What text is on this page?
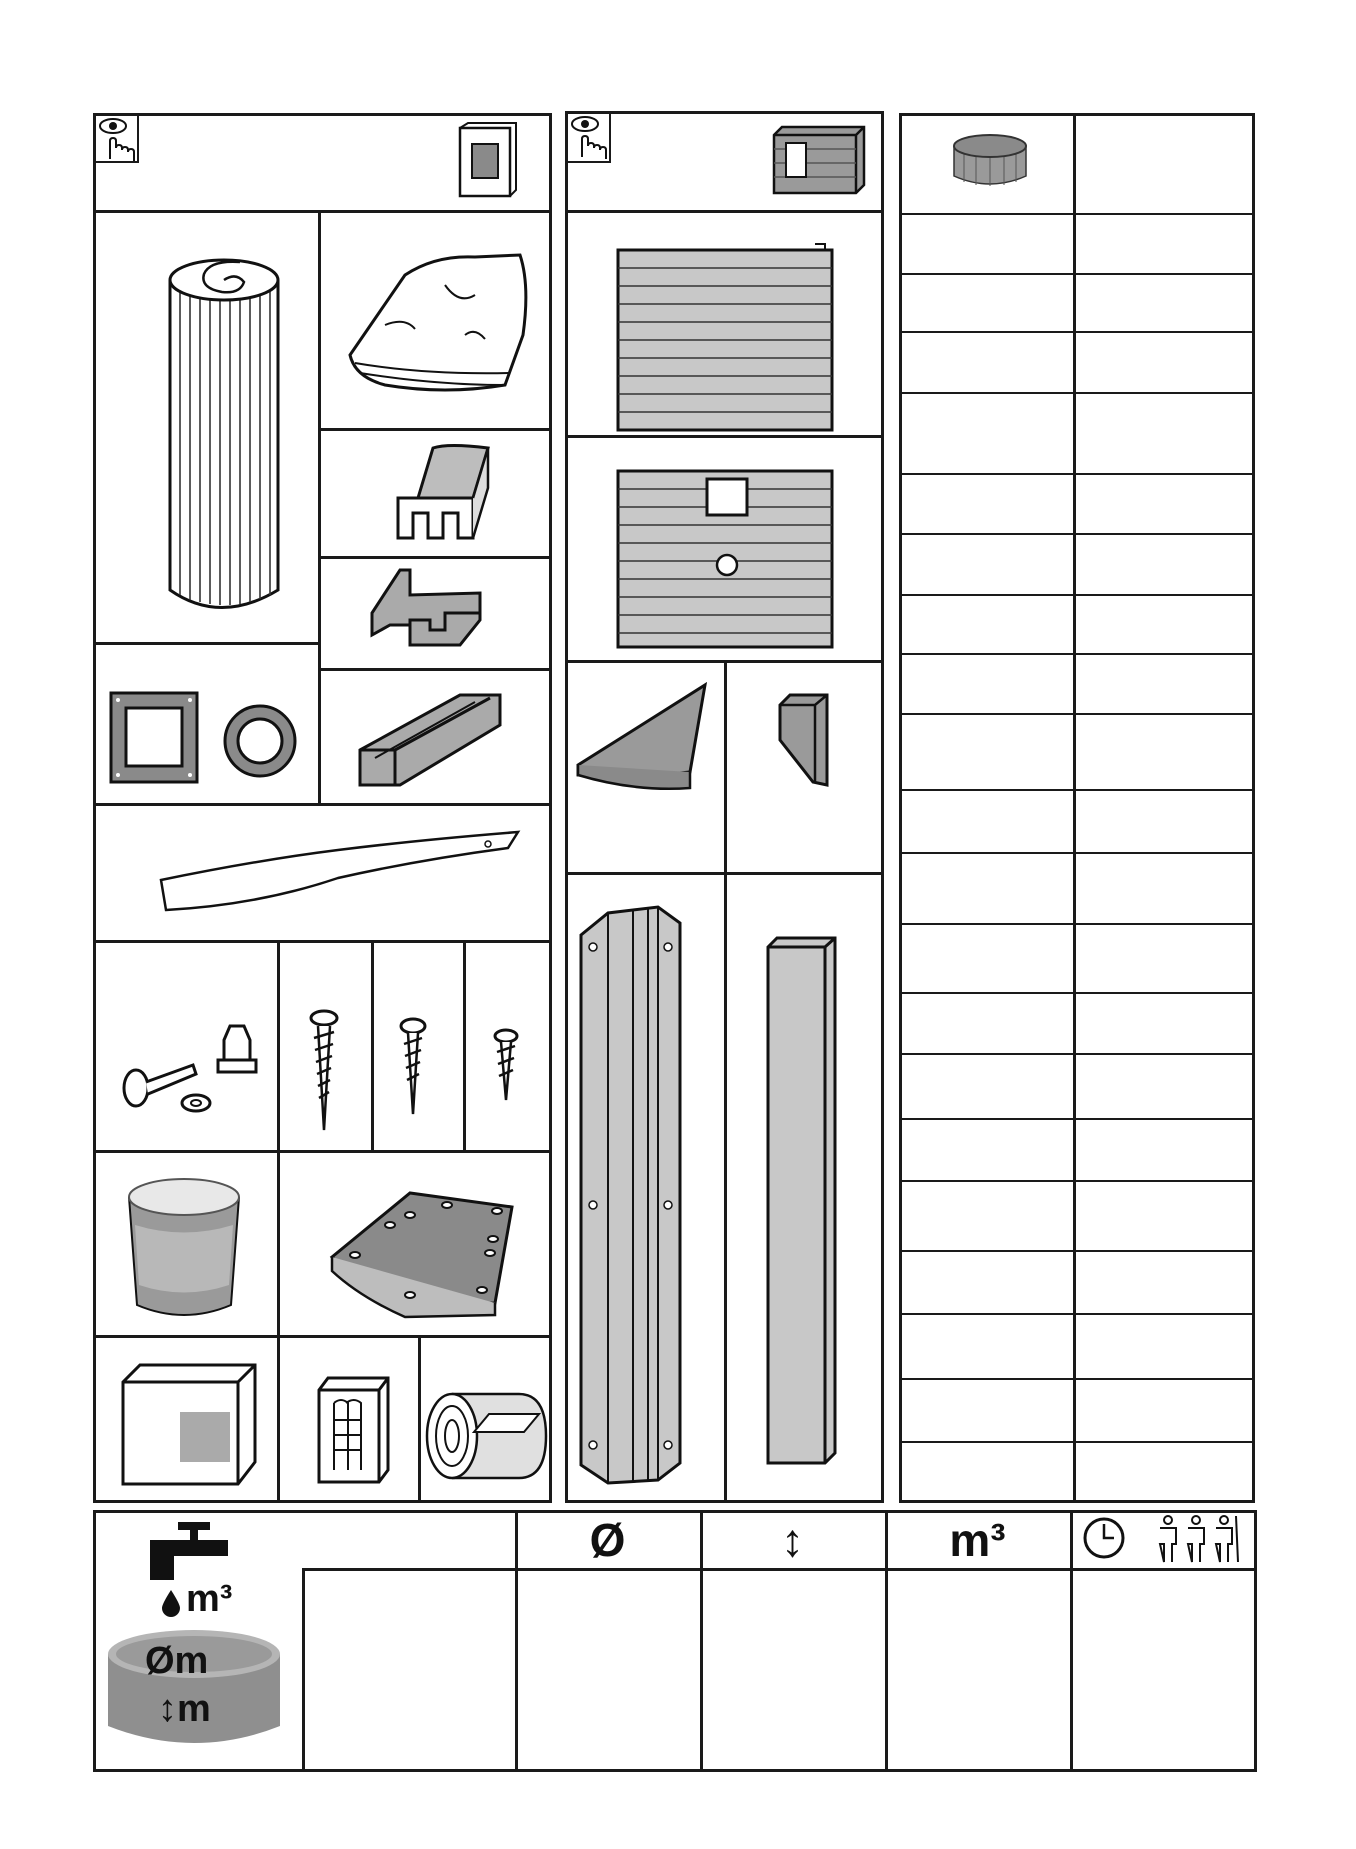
m³
Øm
↕m
Ø	↕	m³
